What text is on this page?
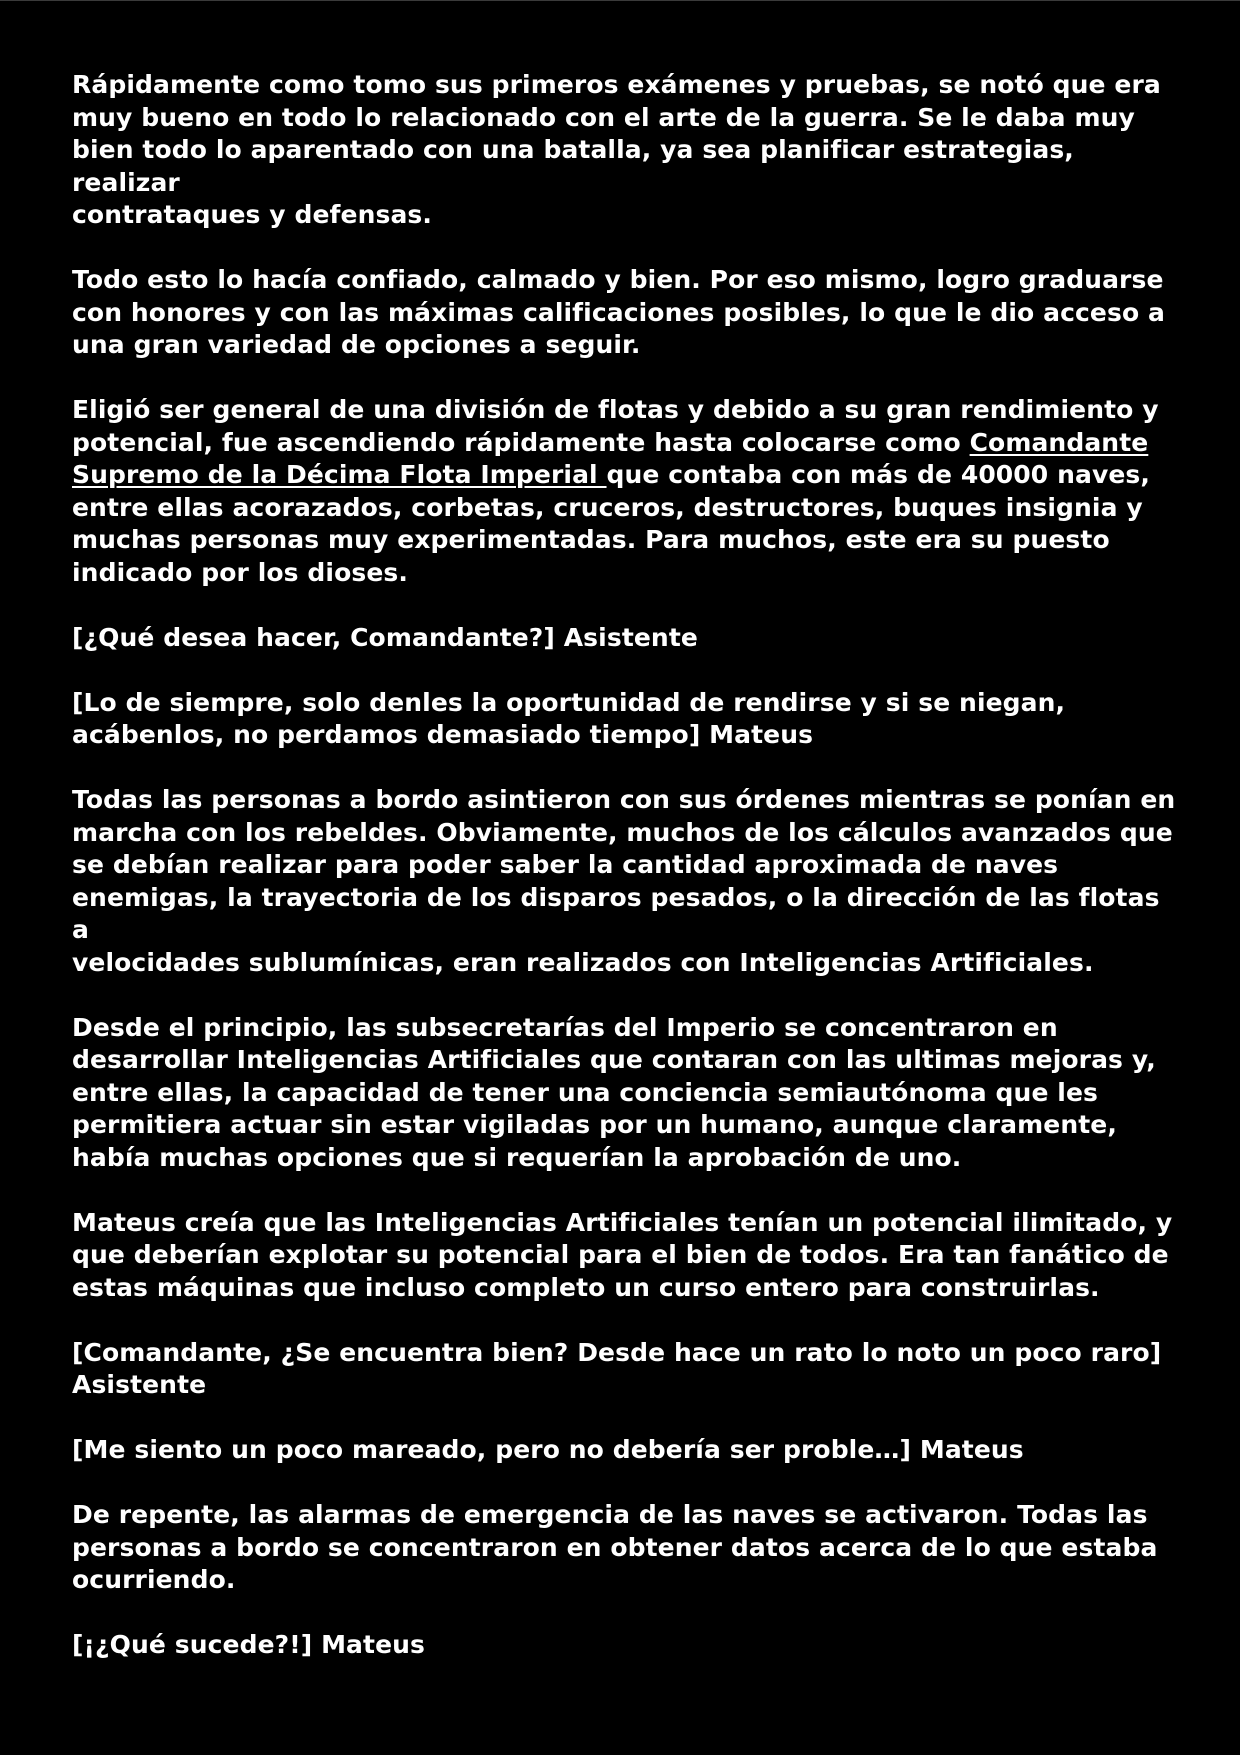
Rápidamente como tomo sus primeros exámenes y pruebas, se notó que era
muy bueno en todo lo relacionado con el arte de la guerra. Se le daba muy
bien todo lo aparentado con una batalla, ya sea planificar estrategias, realizar
contrataques y defensas.

Todo esto lo hacía confiado, calmado y bien. Por eso mismo, logro graduarse
con honores y con las máximas calificaciones posibles, lo que le dio acceso a
una gran variedad de opciones a seguir.

Eligió ser general de una división de flotas y debido a su gran rendimiento y
potencial, fue ascendiendo rápidamente hasta colocarse como Comandante
Supremo de la Décima Flota Imperial que contaba con más de 40000 naves,
entre ellas acorazados, corbetas, cruceros, destructores, buques insignia y
muchas personas muy experimentadas. Para muchos, este era su puesto
indicado por los dioses.

[¿Qué desea hacer, Comandante?] Asistente

[Lo de siempre, solo denles la oportunidad de rendirse y si se niegan,
acábenlos, no perdamos demasiado tiempo] Mateus

Todas las personas a bordo asintieron con sus órdenes mientras se ponían en
marcha con los rebeldes. Obviamente, muchos de los cálculos avanzados que
se debían realizar para poder saber la cantidad aproximada de naves
enemigas, la trayectoria de los disparos pesados, o la dirección de las flotas a
velocidades sublumínicas, eran realizados con Inteligencias Artificiales.

Desde el principio, las subsecretarías del Imperio se concentraron en
desarrollar Inteligencias Artificiales que contaran con las ultimas mejoras y,
entre ellas, la capacidad de tener una conciencia semiautónoma que les
permitiera actuar sin estar vigiladas por un humano, aunque claramente,
había muchas opciones que si requerían la aprobación de uno.

Mateus creía que las Inteligencias Artificiales tenían un potencial ilimitado, y
que deberían explotar su potencial para el bien de todos. Era tan fanático de
estas máquinas que incluso completo un curso entero para construirlas.

[Comandante, ¿Se encuentra bien? Desde hace un rato lo noto un poco raro]
Asistente

[Me siento un poco mareado, pero no debería ser proble…] Mateus

De repente, las alarmas de emergencia de las naves se activaron. Todas las
personas a bordo se concentraron en obtener datos acerca de lo que estaba
ocurriendo.

[¡¿Qué sucede?!] Mateus
